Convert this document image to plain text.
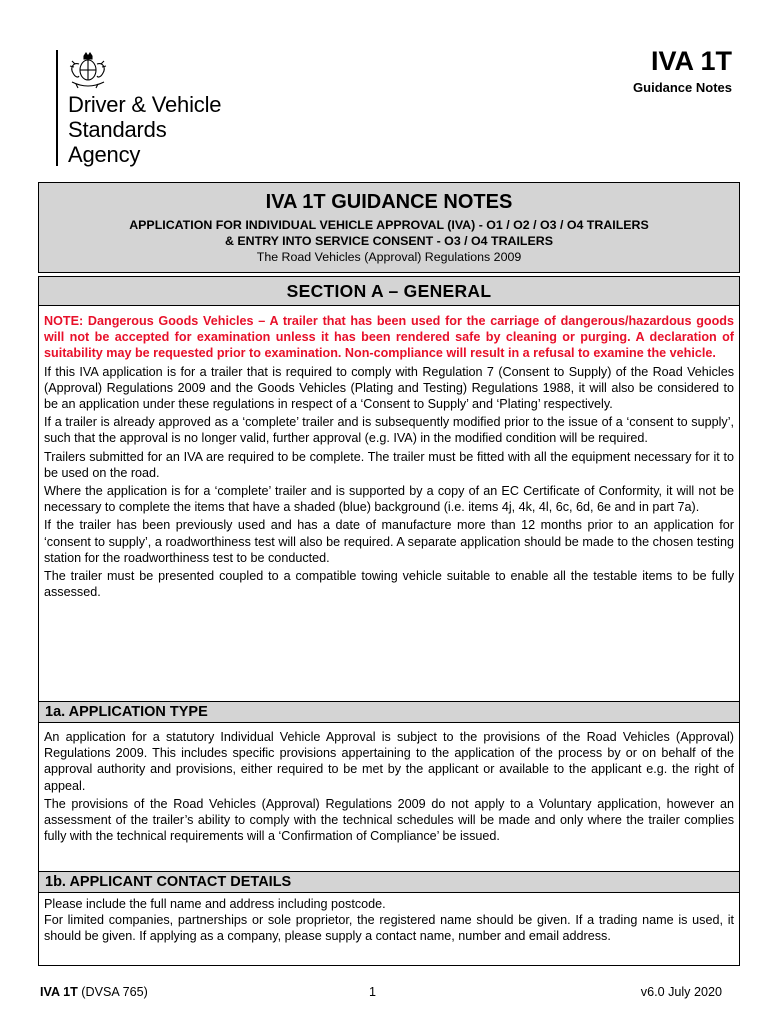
Driver & Vehicle
Standards
Agency
IVA 1T
Guidance Notes
IVA 1T GUIDANCE NOTES
APPLICATION FOR INDIVIDUAL VEHICLE APPROVAL (IVA) - O1 / O2 / O3 / O4 TRAILERS
& ENTRY INTO SERVICE CONSENT - O3 / O4 TRAILERS
The Road Vehicles (Approval) Regulations 2009
SECTION A – GENERAL

NOTE: Dangerous Goods Vehicles – A trailer that has been used for the carriage of dangerous/hazardous goods will not be accepted for examination unless it has been rendered safe by cleaning or purging. A declaration of suitability may be requested prior to examination. Non-compliance will result in a refusal to examine the vehicle.

If this IVA application is for a trailer that is required to comply with Regulation 7 (Consent to Supply) of the Road Vehicles (Approval) Regulations 2009 and the Goods Vehicles (Plating and Testing) Regulations 1988, it will also be considered to be an application under these regulations in respect of a ‘Consent to Supply’ and ‘Plating’ respectively.

If a trailer is already approved as a ‘complete’ trailer and is subsequently modified prior to the issue of a ‘consent to supply’, such that the approval is no longer valid, further approval (e.g. IVA) in the modified condition will be required.

Trailers submitted for an IVA are required to be complete. The trailer must be fitted with all the equipment necessary for it to be used on the road.

Where the application is for a ‘complete’ trailer and is supported by a copy of an EC Certificate of Conformity, it will not be necessary to complete the items that have a shaded (blue) background (i.e. items 4j, 4k, 4l, 6c, 6d, 6e and in part 7a).

If the trailer has been previously used and has a date of manufacture more than 12 months prior to an application for ‘consent to supply’, a roadworthiness test will also be required. A separate application should be made to the chosen testing station for the roadworthiness test to be conducted.

The trailer must be presented coupled to a compatible towing vehicle suitable to enable all the testable items to be fully assessed.

1a. APPLICATION TYPE

An application for a statutory Individual Vehicle Approval is subject to the provisions of the Road Vehicles (Approval) Regulations 2009. This includes specific provisions appertaining to the application of the process by or on behalf of the approval authority and provisions, either required to be met by the applicant or available to the applicant e.g. the right of appeal.

The provisions of the Road Vehicles (Approval) Regulations 2009 do not apply to a Voluntary application, however an assessment of the trailer’s ability to comply with the technical schedules will be made and only where the trailer complies fully with the technical requirements will a ‘Confirmation of Compliance’ be issued.

1b. APPLICANT CONTACT DETAILS
Please include the full name and address including postcode.
For limited companies, partnerships or sole proprietor, the registered name should be given. If a trading name is used, it should be given. If applying as a company, please supply a contact name, number and email address.
IVA 1T (DVSA 765)	1	v6.0 July 2020
